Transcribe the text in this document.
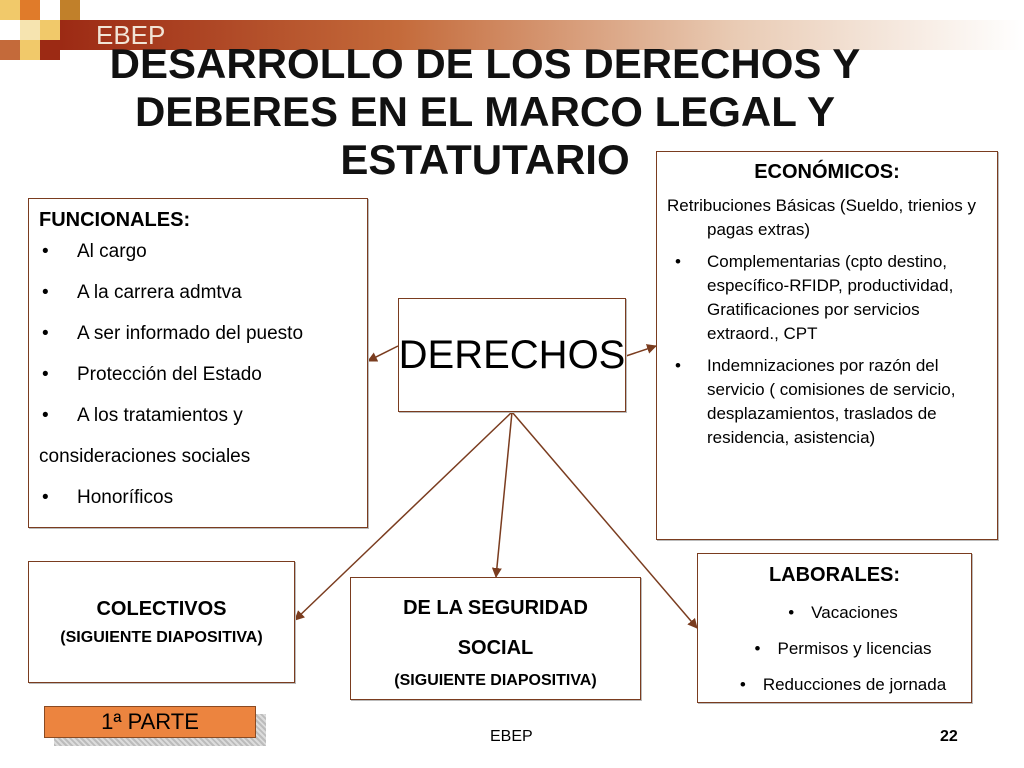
EBEP
DESARROLLO DE LOS DERECHOS Y DEBERES EN EL MARCO LEGAL Y ESTATUTARIO
FUNCIONALES:
• Al cargo
• A la carrera admtva
• A ser informado del puesto
• Protección del Estado
• A los tratamientos y
consideraciones sociales
• Honoríficos
DERECHOS
ECONÓMICOS:
Retribuciones Básicas (Sueldo, trienios y pagas extras)
• Complementarias (cpto destino, específico-RFIDP, productividad, Gratificaciones por servicios extraord., CPT
• Indemnizaciones por razón del servicio ( comisiones de servicio, desplazamientos, traslados de residencia, asistencia)
COLECTIVOS
(SIGUIENTE DIAPOSITIVA)
DE LA SEGURIDAD
SOCIAL
(SIGUIENTE DIAPOSITIVA)
LABORALES:
• Vacaciones
• Permisos y licencias
• Reducciones de jornada
1ª PARTE
EBEP	22
